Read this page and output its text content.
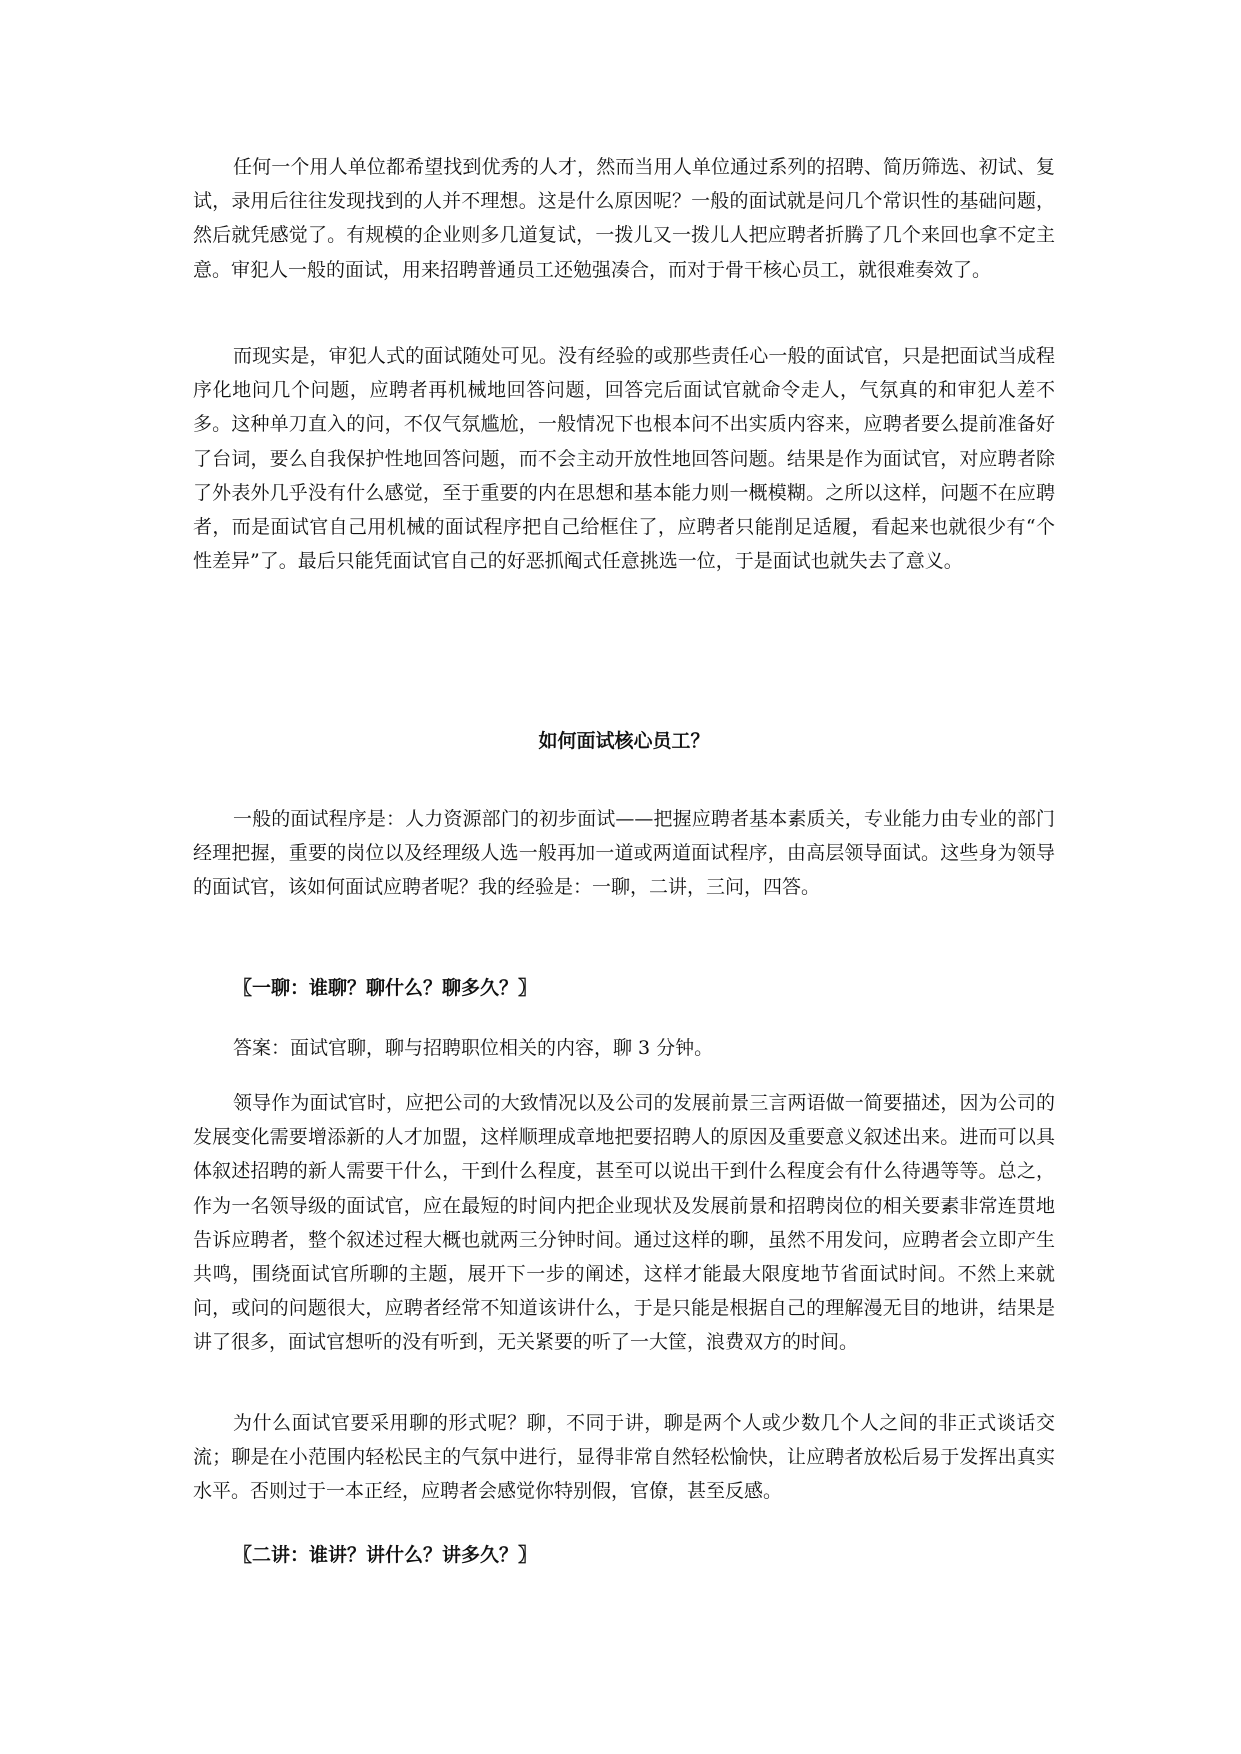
任何一个用人单位都希望找到优秀的人才，然而当用人单位通过系列的招聘、简历筛选、初试、复试，录用后往往发现找到的人并不理想。这是什么原因呢？一般的面试就是问几个常识性的基础问题，然后就凭感觉了。有规模的企业则多几道复试，一拨儿又一拨儿人把应聘者折腾了几个来回也拿不定主意。审犯人一般的面试，用来招聘普通员工还勉强凑合，而对于骨干核心员工，就很难奏效了。

而现实是，审犯人式的面试随处可见。没有经验的或那些责任心一般的面试官，只是把面试当成程序化地问几个问题，应聘者再机械地回答问题，回答完后面试官就命令走人，气氛真的和审犯人差不多。这种单刀直入的问，不仅气氛尴尬，一般情况下也根本问不出实质内容来，应聘者要么提前准备好了台词，要么自我保护性地回答问题，而不会主动开放性地回答问题。结果是作为面试官，对应聘者除了外表外几乎没有什么感觉，至于重要的内在思想和基本能力则一概模糊。之所以这样，问题不在应聘者，而是面试官自己用机械的面试程序把自己给框住了，应聘者只能削足适履，看起来也就很少有“个性差异”了。最后只能凭面试官自己的好恶抓阄式任意挑选一位，于是面试也就失去了意义。

如何面试核心员工？

一般的面试程序是：人力资源部门的初步面试——把握应聘者基本素质关，专业能力由专业的部门经理把握，重要的岗位以及经理级人选一般再加一道或两道面试程序，由高层领导面试。这些身为领导的面试官，该如何面试应聘者呢？我的经验是：一聊，二讲，三问，四答。

〖一聊：谁聊？聊什么？聊多久？〗

答案：面试官聊，聊与招聘职位相关的内容，聊 3 分钟。

领导作为面试官时，应把公司的大致情况以及公司的发展前景三言两语做一简要描述，因为公司的发展变化需要增添新的人才加盟，这样顺理成章地把要招聘人的原因及重要意义叙述出来。进而可以具体叙述招聘的新人需要干什么，干到什么程度，甚至可以说出干到什么程度会有什么待遇等等。总之，作为一名领导级的面试官，应在最短的时间内把企业现状及发展前景和招聘岗位的相关要素非常连贯地告诉应聘者，整个叙述过程大概也就两三分钟时间。通过这样的聊，虽然不用发问，应聘者会立即产生共鸣，围绕面试官所聊的主题，展开下一步的阐述，这样才能最大限度地节省面试时间。不然上来就问，或问的问题很大，应聘者经常不知道该讲什么，于是只能是根据自己的理解漫无目的地讲，结果是讲了很多，面试官想听的没有听到，无关紧要的听了一大筐，浪费双方的时间。

为什么面试官要采用聊的形式呢？聊，不同于讲，聊是两个人或少数几个人之间的非正式谈话交流；聊是在小范围内轻松民主的气氛中进行，显得非常自然轻松愉快，让应聘者放松后易于发挥出真实水平。否则过于一本正经，应聘者会感觉你特别假，官僚，甚至反感。

〖二讲：谁讲？讲什么？讲多久？〗
